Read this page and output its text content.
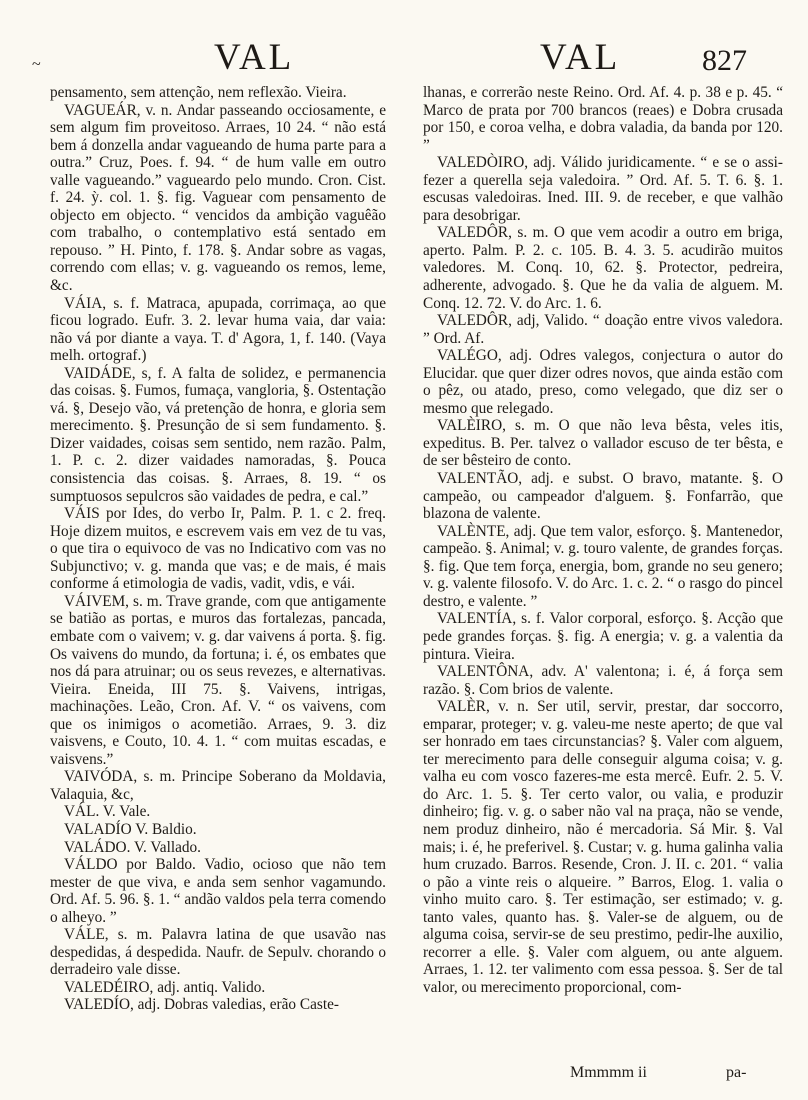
~	VAL	VAL	827

pensamento, sem attenção, nem reflexão. Vieira.

VAGUEÁR, v. n. Andar passeando occiosamente, e sem algum fim proveitoso. Arraes, 10 24. “ não está bem á donzella andar vagueando de huma parte para a outra.” Cruz, Poes. f. 94. “ de hum valle em outro valle vagueando.” vagueardo pelo mundo. Cron. Cist. f. 24. ỳ. col. 1. §. fig. Vaguear com pensamento de objecto em objecto. “ vencidos da ambição vaguêão com trabalho, o contemplativo está sentado em repouso. ” H. Pinto, f. 178. §. Andar sobre as vagas, correndo com ellas; v. g. vagueando os remos, leme, &c.

VÁIA, s. f. Matraca, apupada, corrimaça, ao que ficou logrado. Eufr. 3. 2. levar huma vaia, dar vaia: não vá por diante a vaya. T. d' Agora, 1, f. 140. (Vaya melh. ortograf.)

VAIDÁDE, s, f. A falta de solidez, e permanencia das coisas. §. Fumos, fumaça, vangloria, §. Ostentação vá. §, Desejo vão, vá pretenção de honra, e gloria sem merecimento. §. Presunção de si sem fundamento. §. Dizer vaidades, coisas sem sentido, nem razão. Palm, 1. P. c. 2. dizer vaidades namoradas, §. Pouca consistencia das coisas. §. Arraes, 8. 19. “ os sumptuosos sepulcros são vaidades de pedra, e cal.”

VÁIS por Ides, do verbo Ir, Palm. P. 1. c 2. freq. Hoje dizem muitos, e escrevem vais em vez de tu vas, o que tira o equivoco de vas no Indicativo com vas no Subjunctivo; v. g. manda que vas; e de mais, é mais conforme á etimologia de vadis, vadit, vdis, e vái.

VÁIVEM, s. m. Trave grande, com que antigamente se batião as portas, e muros das fortalezas, pancada, embate com o vaivem; v. g. dar vaivens á porta. §. fig. Os vaivens do mundo, da fortuna; i. é, os embates que nos dá para atruinar; ou os seus revezes, e alternativas. Vieira. Eneida, III 75. §. Vaivens, intrigas, machinações. Leão, Cron. Af. V. “ os vaivens, com que os inimigos o acometião. Arraes, 9. 3. diz vaisvens, e Couto, 10. 4. 1. “ com muitas escadas, e vaisvens.”

VAIVÓDA, s. m. Principe Soberano da Moldavia, Valaquia, &c,

VÁL. V. Vale.

VALADÍO V. Baldio.

VALÁDO. V. Vallado.

VÁLDO por Baldo. Vadio, ocioso que não tem mester de que viva, e anda sem senhor vagamundo. Ord. Af. 5. 96. §. 1. “ andão valdos pela terra comendo o alheyo. ”

VÁLE, s. m. Palavra latina de que usavão nas despedidas, á despedida. Naufr. de Sepulv. chorando o derradeiro vale disse.

VALEDÉIRO, adj. antiq. Valido.

VALEDÍO, adj. Dobras valedias, erão Caste-

lhanas, e correrão neste Reino. Ord. Af. 4. p. 38 e p. 45. “ Marco de prata por 700 brancos (reaes) e Dobra crusada por 150, e coroa velha, e dobra valadia, da banda por 120. ”

VALEDÒIRO, adj. Válido juridicamente. “ e se o assi-fezer a querella seja valedoira. ” Ord. Af. 5. T. 6. §. 1. escusas valedoiras. Ined. III. 9. de receber, e que valhão para desobrigar.

VALEDÔR, s. m. O que vem acodir a outro em briga, aperto. Palm. P. 2. c. 105. B. 4. 3. 5. acudirão muitos valedores. M. Conq. 10, 62. §. Protector, pedreira, adherente, advogado. §. Que he da valia de alguem. M. Conq. 12. 72. V. do Arc. 1. 6.

VALEDÔR, adj, Valido. “ doação entre vivos valedora. ” Ord. Af.

VALÉGO, adj. Odres valegos, conjectura o autor do Elucidar. que quer dizer odres novos, que ainda estão com o pêz, ou atado, preso, como velegado, que diz ser o mesmo que relegado.

VALÈIRO, s. m. O que não leva bêsta, veles itis, expeditus. B. Per. talvez o vallador escuso de ter bêsta, e de ser bêsteiro de conto.

VALENTÃO, adj. e subst. O bravo, matante. §. O campeão, ou campeador d'alguem. §. Fonfarrão, que blazona de valente.

VALÈNTE, adj. Que tem valor, esforço. §. Mantenedor, campeão. §. Animal; v. g. touro valente, de grandes forças. §. fig. Que tem força, energia, bom, grande no seu genero; v. g. valente filosofo. V. do Arc. 1. c. 2. “ o rasgo do pincel destro, e valente. ”

VALENTÍA, s. f. Valor corporal, esforço. §. Acção que pede grandes forças. §. fig. A energia; v. g. a valentia da pintura. Vieira.

VALENTÔNA, adv. A' valentona; i. é, á força sem razão. §. Com brios de valente.

VALÈR, v. n. Ser util, servir, prestar, dar soccorro, emparar, proteger; v. g. valeu-me neste aperto; de que val ser honrado em taes circunstancias? §. Valer com alguem, ter merecimento para delle conseguir alguma coisa; v. g. valha eu com vosco fazeres-me esta mercê. Eufr. 2. 5. V. do Arc. 1. 5. §. Ter certo valor, ou valia, e produzir dinheiro; fig. v. g. o saber não val na praça, não se vende, nem produz dinheiro, não é mercadoria. Sá Mir. §. Val mais; i. é, he preferivel. §. Custar; v. g. huma galinha valia hum cruzado. Barros. Resende, Cron. J. II. c. 201. “ valia o pão a vinte reis o alqueire. ” Barros, Elog. 1. valia o vinho muito caro. §. Ter estimação, ser estimado; v. g. tanto vales, quanto has. §. Valer-se de alguem, ou de alguma coisa, servir-se de seu prestimo, pedir-lhe auxilio, recorrer a elle. §. Valer com alguem, ou ante alguem. Arraes, 1. 12. ter valimento com essa pessoa. §. Ser de tal valor, ou merecimento proporcional, com-

Mmmmm ii	pa-
